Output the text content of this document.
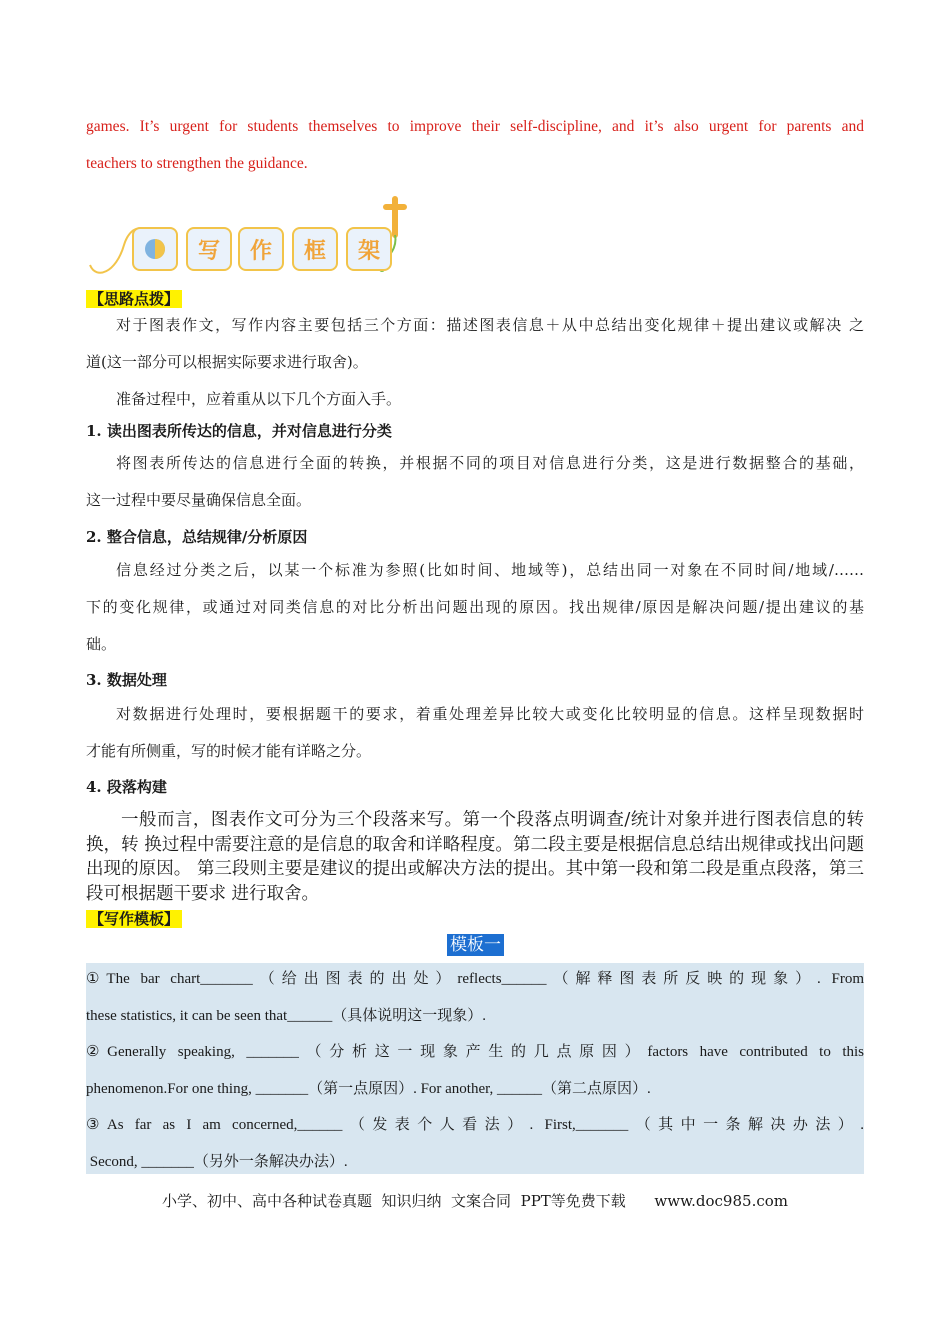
games. It’s urgent for students themselves to improve their self-discipline, and it’s also urgent for parents and
teachers to strengthen the guidance.
写	作	框	架
【思路点拨】
对于图表作文，写作内容主要包括三个方面：描述图表信息＋从中总结出变化规律＋提出建议或解决 之
道(这一部分可以根据实际要求进行取舍)。
准备过程中，应着重从以下几个方面入手。
1. 读出图表所传达的信息，并对信息进行分类
将图表所传达的信息进行全面的转换，并根据不同的项目对信息进行分类，这是进行数据整合的基础，
这一过程中要尽量确保信息全面。
2. 整合信息，总结规律/分析原因
信息经过分类之后，以某一个标准为参照(比如时间、地域等)，总结出同一对象在不同时间/地域/……
下的变化规律，或通过对同类信息的对比分析出问题出现的原因。找出规律/原因是解决问题/提出建议的基
础。
3. 数据处理
对数据进行处理时，要根据题干的要求，着重处理差异比较大或变化比较明显的信息。这样呈现数据时
才能有所侧重，写的时候才能有详略之分。
4. 段落构建
一般而言，图表作文可分为三个段落来写。第一个段落点明调查/统计对象并进行图表信息的转换，转 换过程中需要注意的是信息的取舍和详略程度。第二段主要是根据信息总结出规律或找出问题出现的原因。 第三段则主要是建议的提出或解决方法的提出。其中第一段和第二段是重点段落，第三段可根据题干要求 进行取舍。
【写作模板】
模板一
①The bar chart_______（给出图表的出处）reflects______（解释图表所反映的现象）. From
these statistics, it can be seen that______（具体说明这一现象）.
②Generally speaking, _______（分析这一现象产生的几点原因）factors have contributed to this
phenomenon.For one thing, _______（第一点原因）. For another, ______（第二点原因）.
③As far as I am concerned,______（发表个人看法）. First,_______（其中一条解决办法）.
Second, _______（另外一条解决办法）.
小学、初中、高中各种试卷真题  知识归纳  文案合同  PPT等免费下载      www.doc985.com
